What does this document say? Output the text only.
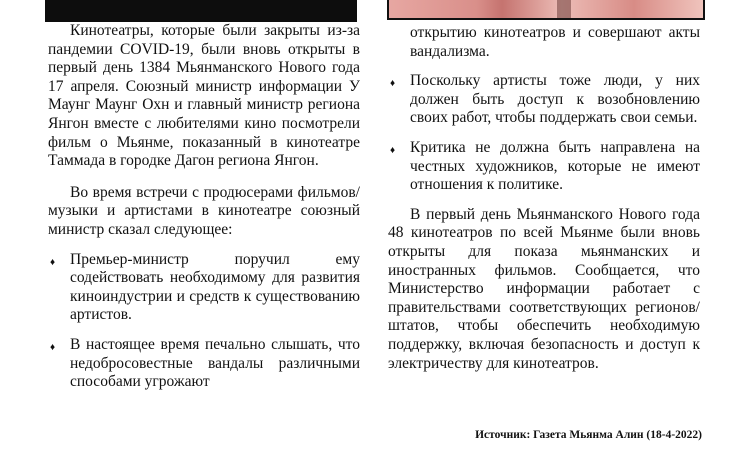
Кинотеатры, которые были закрыты из-за пандемии COVID-19, были вновь открыты в первый день 1384 Мьянманского Нового года 17 апреля. Союзный министр информации У Маунг Маунг Охн и главный министр региона Янгон вместе с любителями кино посмотрели фильм о Мьянме, показанный в кинотеатре Таммада в городке Дагон региона Янгон.

Во время встречи с продюсерами фильмов/музыки и артистами в кинотеатре союзный министр сказал следующее:

♦ Премьер-министр поручил ему содействовать необходимому для развития киноиндустрии и средств к существованию артистов.
♦ В настоящее время печально слышать, что недобросовестные вандалы различными способами угрожают

открытию кинотеатров и совершают акты вандализма.

♦ Поскольку артисты тоже люди, у них должен быть доступ к возобновлению своих работ, чтобы поддержать свои семьи.
♦ Критика не должна быть направлена на честных художников, которые не имеют отношения к политике.

В первый день Мьянманского Нового года 48 кинотеатров по всей Мьянме были вновь открыты для показа мьянманских и иностранных фильмов. Сообщается, что Министерство информации работает с правительствами соответствующих регионов/штатов, чтобы обеспечить необходимую поддержку, включая безопасность и доступ к электричеству для кинотеатров.

Источник: Газета Мьянма Алин (18-4-2022)
